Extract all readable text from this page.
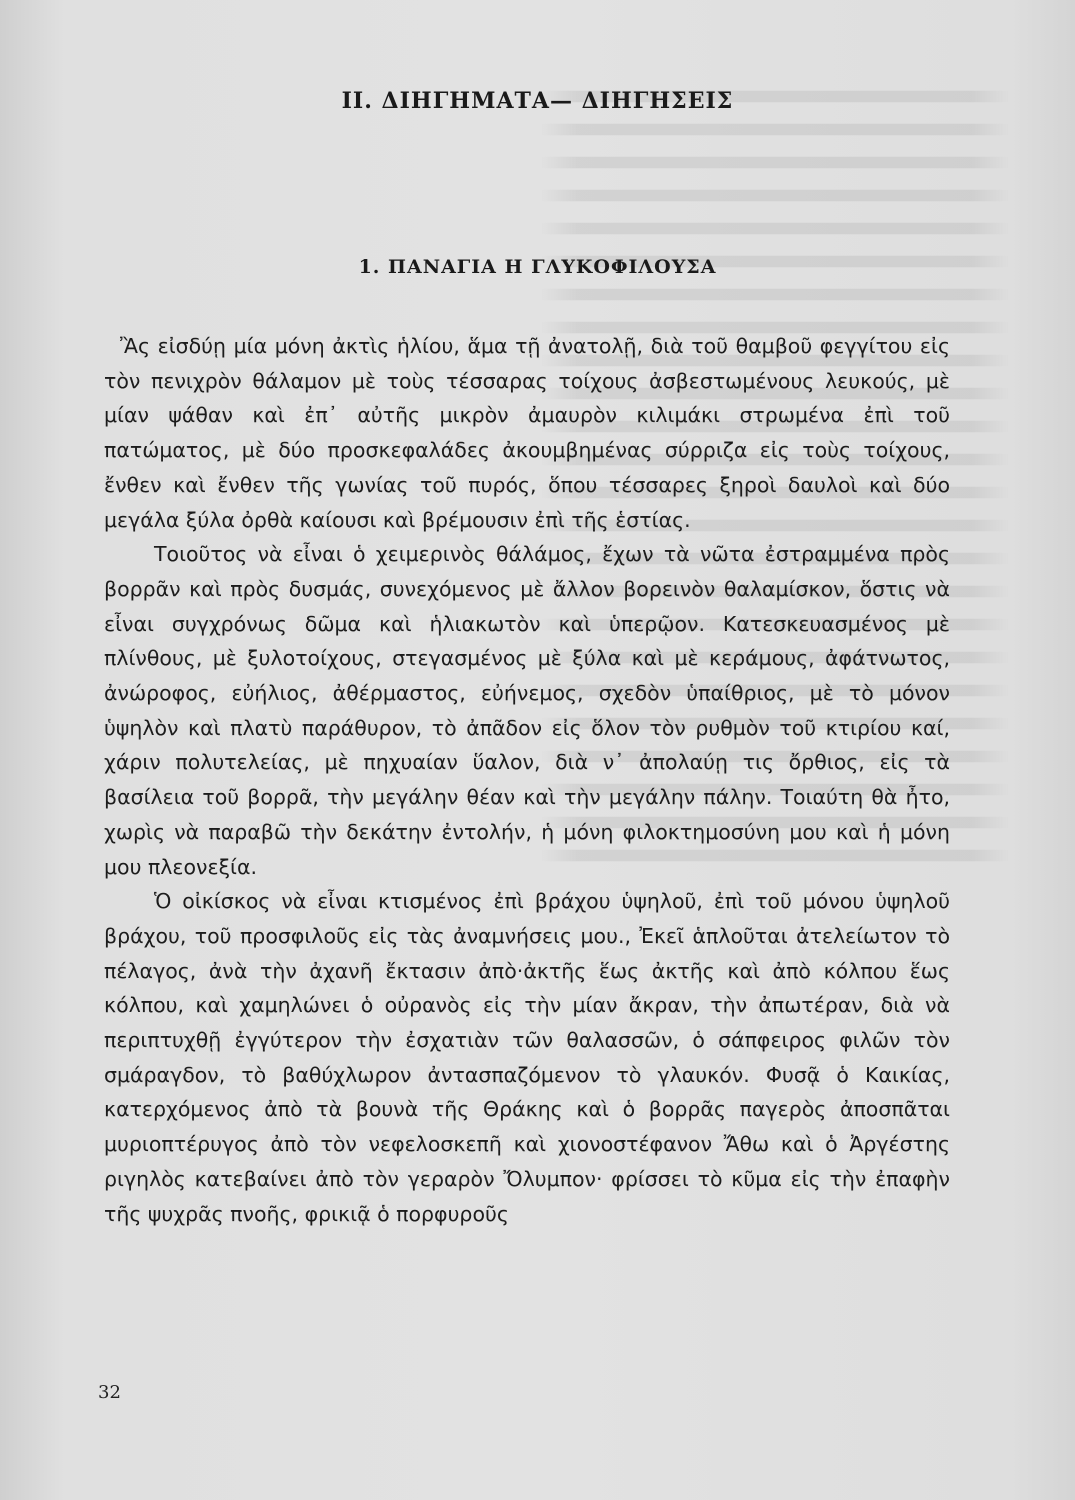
II. ΔΙΗΓΗΜΑΤΑ— ΔΙΗΓΗΣΕΙΣ
1. ΠΑΝΑΓΙΑ Η ΓΛΥΚΟΦΙΛΟΥΣΑ

Ἂς εἰσδύῃ μία μόνη ἀκτὶς ἡλίου, ἅμα τῇ ἀνατολῇ, διὰ τοῦ θαμβοῦ φεγγίτου εἰς τὸν πενιχρὸν θάλαμον μὲ τοὺς τέσσαρας τοίχους ἀσβεστωμένους λευκούς, μὲ μίαν ψάθαν καὶ ἐπ᾽ αὐτῆς μικρὸν ἀμαυρὸν κιλιμάκι στρωμένα ἐπὶ τοῦ πατώματος, μὲ δύο προσκεφαλάδες ἀκουμβημένας σύρριζα εἰς τοὺς τοίχους, ἔνθεν καὶ ἔνθεν τῆς γωνίας τοῦ πυρός, ὅπου τέσσαρες ξηροὶ δαυλοὶ καὶ δύο μεγάλα ξύλα ὀρθὰ καίουσι καὶ βρέμουσιν ἐπὶ τῆς ἑστίας.

Τοιοῦτος νὰ εἶναι ὁ χειμερινὸς θάλάμος, ἔχων τὰ νῶτα ἐστραμμένα πρὸς βορρᾶν καὶ πρὸς δυσμάς, συνεχόμενος μὲ ἄλλον βορεινὸν θαλαμίσκον, ὅστις νὰ εἶναι συγχρόνως δῶμα καὶ ἡλιακωτὸν καὶ ὑπερῷον. Κατεσκευασμένος μὲ πλίνθους, μὲ ξυλοτοίχους, στεγασμένος μὲ ξύλα καὶ μὲ κεράμους, ἀφάτνωτος, ἀνώροφος, εὐήλιος, ἀθέρμαστος, εὐήνεμος, σχεδὸν ὑπαίθριος, μὲ τὸ μόνον ὑψηλὸν καὶ πλατὺ παράθυρον, τὸ ἀπᾶδον εἰς ὅλον τὸν ρυθμὸν τοῦ κτιρίου καί, χάριν πολυτελείας, μὲ πηχυαίαν ὕαλον, διὰ ν᾽ ἀπολαύῃ τις ὄρθιος, εἰς τὰ βασίλεια τοῦ βορρᾶ, τὴν μεγάλην θέαν καὶ τὴν μεγάλην πάλην. Τοιαύτη θὰ ἦτο, χωρὶς νὰ παραβῶ τὴν δεκάτην ἐντολήν, ἡ μόνη φιλοκτημοσύνη μου καὶ ἡ μόνη μου πλεονεξία.

Ὁ οἰκίσκος νὰ εἶναι κτισμένος ἐπὶ βράχου ὑψηλοῦ, ἐπὶ τοῦ μόνου ὑψηλοῦ βράχου, τοῦ προσφιλοῦς εἰς τὰς ἀναμνήσεις μου., Ἐκεῖ ἁπλοῦται ἀτελείωτον τὸ πέλαγος, ἀνὰ τὴν ἀχανῆ ἔκτασιν ἀπὸ·ἀκτῆς ἕως ἀκτῆς καὶ ἀπὸ κόλπου ἕως κόλπου, καὶ χαμηλώνει ὁ οὐρανὸς εἰς τὴν μίαν ἄκραν, τὴν ἀπωτέραν, διὰ νὰ περιπτυχθῇ ἐγγύτερον τὴν ἐσχατιὰν τῶν θαλασσῶν, ὁ σάπφειρος φιλῶν τὸν σμάραγδον, τὸ βαθύχλωρον ἀντασπαζόμενον τὸ γλαυκόν. Φυσᾷ ὁ Καικίας, κατερχόμενος ἀπὸ τὰ βουνὰ τῆς Θράκης καὶ ὁ βορρᾶς παγερὸς ἀποσπᾶται μυριοπτέρυγος ἀπὸ τὸν νεφελοσκεπῆ καὶ χιονοστέφανον Ἄθω καὶ ὁ Ἀργέστης ριγηλὸς κατεβαίνει ἀπὸ τὸν γεραρὸν Ὄλυμπον· φρίσσει τὸ κῦμα εἰς τὴν ἐπαφὴν τῆς ψυχρᾶς πνοῆς, φρικιᾷ ὁ πορφυροῦς

32
